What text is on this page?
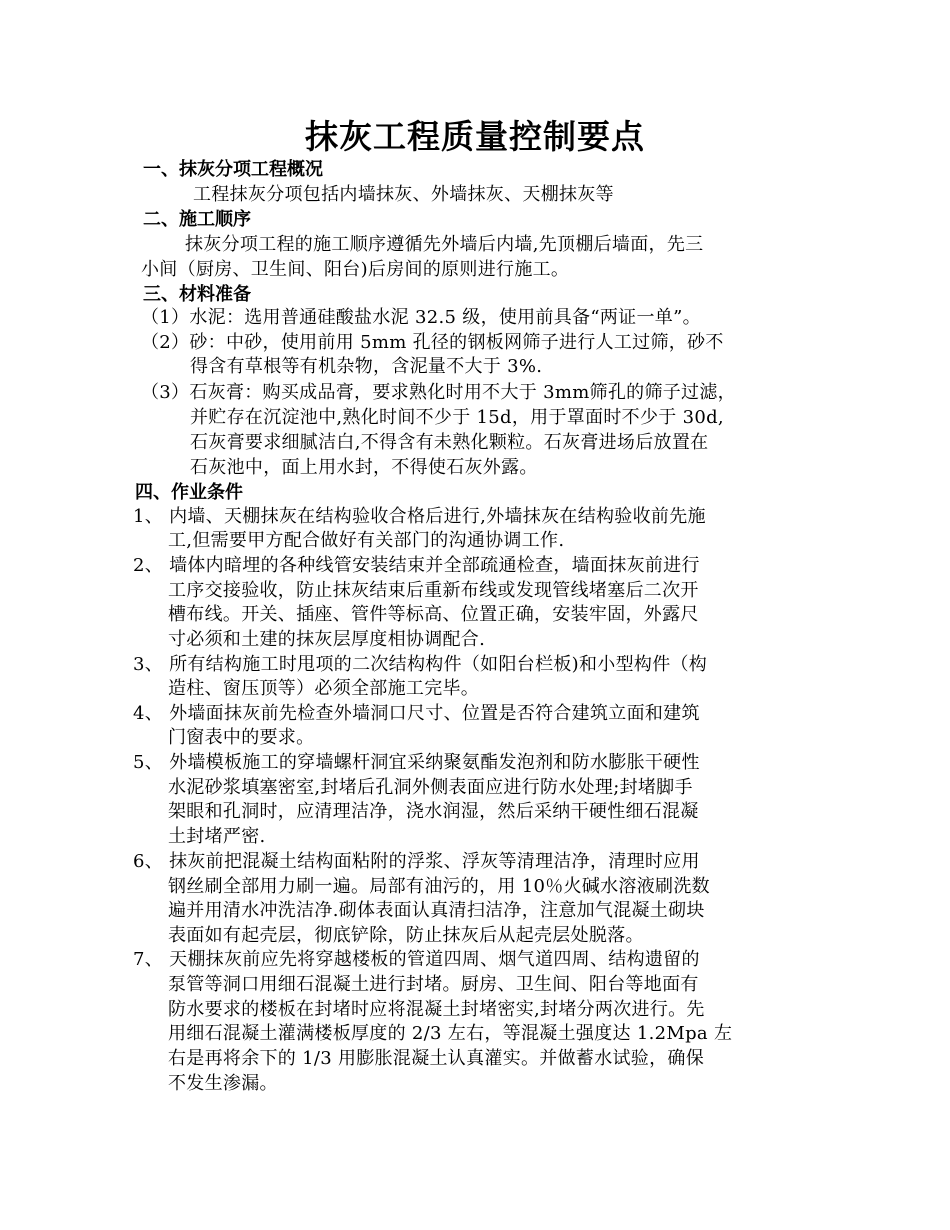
抹灰工程质量控制要点
一、抹灰分项工程概况
工程抹灰分项包括内墙抹灰、外墙抹灰、天棚抹灰等
二、施工顺序
抹灰分项工程的施工顺序遵循先外墙后内墙,先顶棚后墙面，先三
小间（厨房、卫生间、阳台)后房间的原则进行施工。
三、材料准备
（1）水泥：选用普通硅酸盐水泥 32.5 级，使用前具备“两证一单”。
（2）砂：中砂，使用前用 5mm 孔径的钢板网筛子进行人工过筛，砂不
得含有草根等有机杂物，含泥量不大于 3%.
（3）石灰膏：购买成品膏，要求熟化时用不大于 3mm筛孔的筛子过滤，
并贮存在沉淀池中,熟化时间不少于 15d，用于罩面时不少于 30d,
石灰膏要求细腻洁白,不得含有未熟化颗粒。石灰膏进场后放置在
石灰池中，面上用水封，不得使石灰外露。
四、作业条件
1、 内墙、天棚抹灰在结构验收合格后进行,外墙抹灰在结构验收前先施
工,但需要甲方配合做好有关部门的沟通协调工作.
2、 墙体内暗埋的各种线管安装结束并全部疏通检查，墙面抹灰前进行
工序交接验收，防止抹灰结束后重新布线或发现管线堵塞后二次开
槽布线。开关、插座、管件等标高、位置正确，安装牢固，外露尺
寸必须和土建的抹灰层厚度相协调配合.
3、 所有结构施工时甩项的二次结构构件（如阳台栏板)和小型构件（构
造柱、窗压顶等）必须全部施工完毕。
4、 外墙面抹灰前先检查外墙洞口尺寸、位置是否符合建筑立面和建筑
门窗表中的要求。
5、 外墙模板施工的穿墙螺杆洞宜采纳聚氨酯发泡剂和防水膨胀干硬性
水泥砂浆填塞密室,封堵后孔洞外侧表面应进行防水处理;封堵脚手
架眼和孔洞时，应清理洁净，浇水润湿，然后采纳干硬性细石混凝
土封堵严密.
6、 抹灰前把混凝土结构面粘附的浮浆、浮灰等清理洁净，清理时应用
钢丝刷全部用力刷一遍。局部有油污的，用 10％火碱水溶液刷洗数
遍并用清水冲洗洁净.砌体表面认真清扫洁净，注意加气混凝土砌块
表面如有起壳层，彻底铲除，防止抹灰后从起壳层处脱落。
7、 天棚抹灰前应先将穿越楼板的管道四周、烟气道四周、结构遗留的
泵管等洞口用细石混凝土进行封堵。厨房、卫生间、阳台等地面有
防水要求的楼板在封堵时应将混凝土封堵密实,封堵分两次进行。先
用细石混凝土灌满楼板厚度的 2/3 左右，等混凝土强度达 1.2Mpa 左
右是再将余下的 1/3 用膨胀混凝土认真灌实。并做蓄水试验，确保
不发生渗漏。
